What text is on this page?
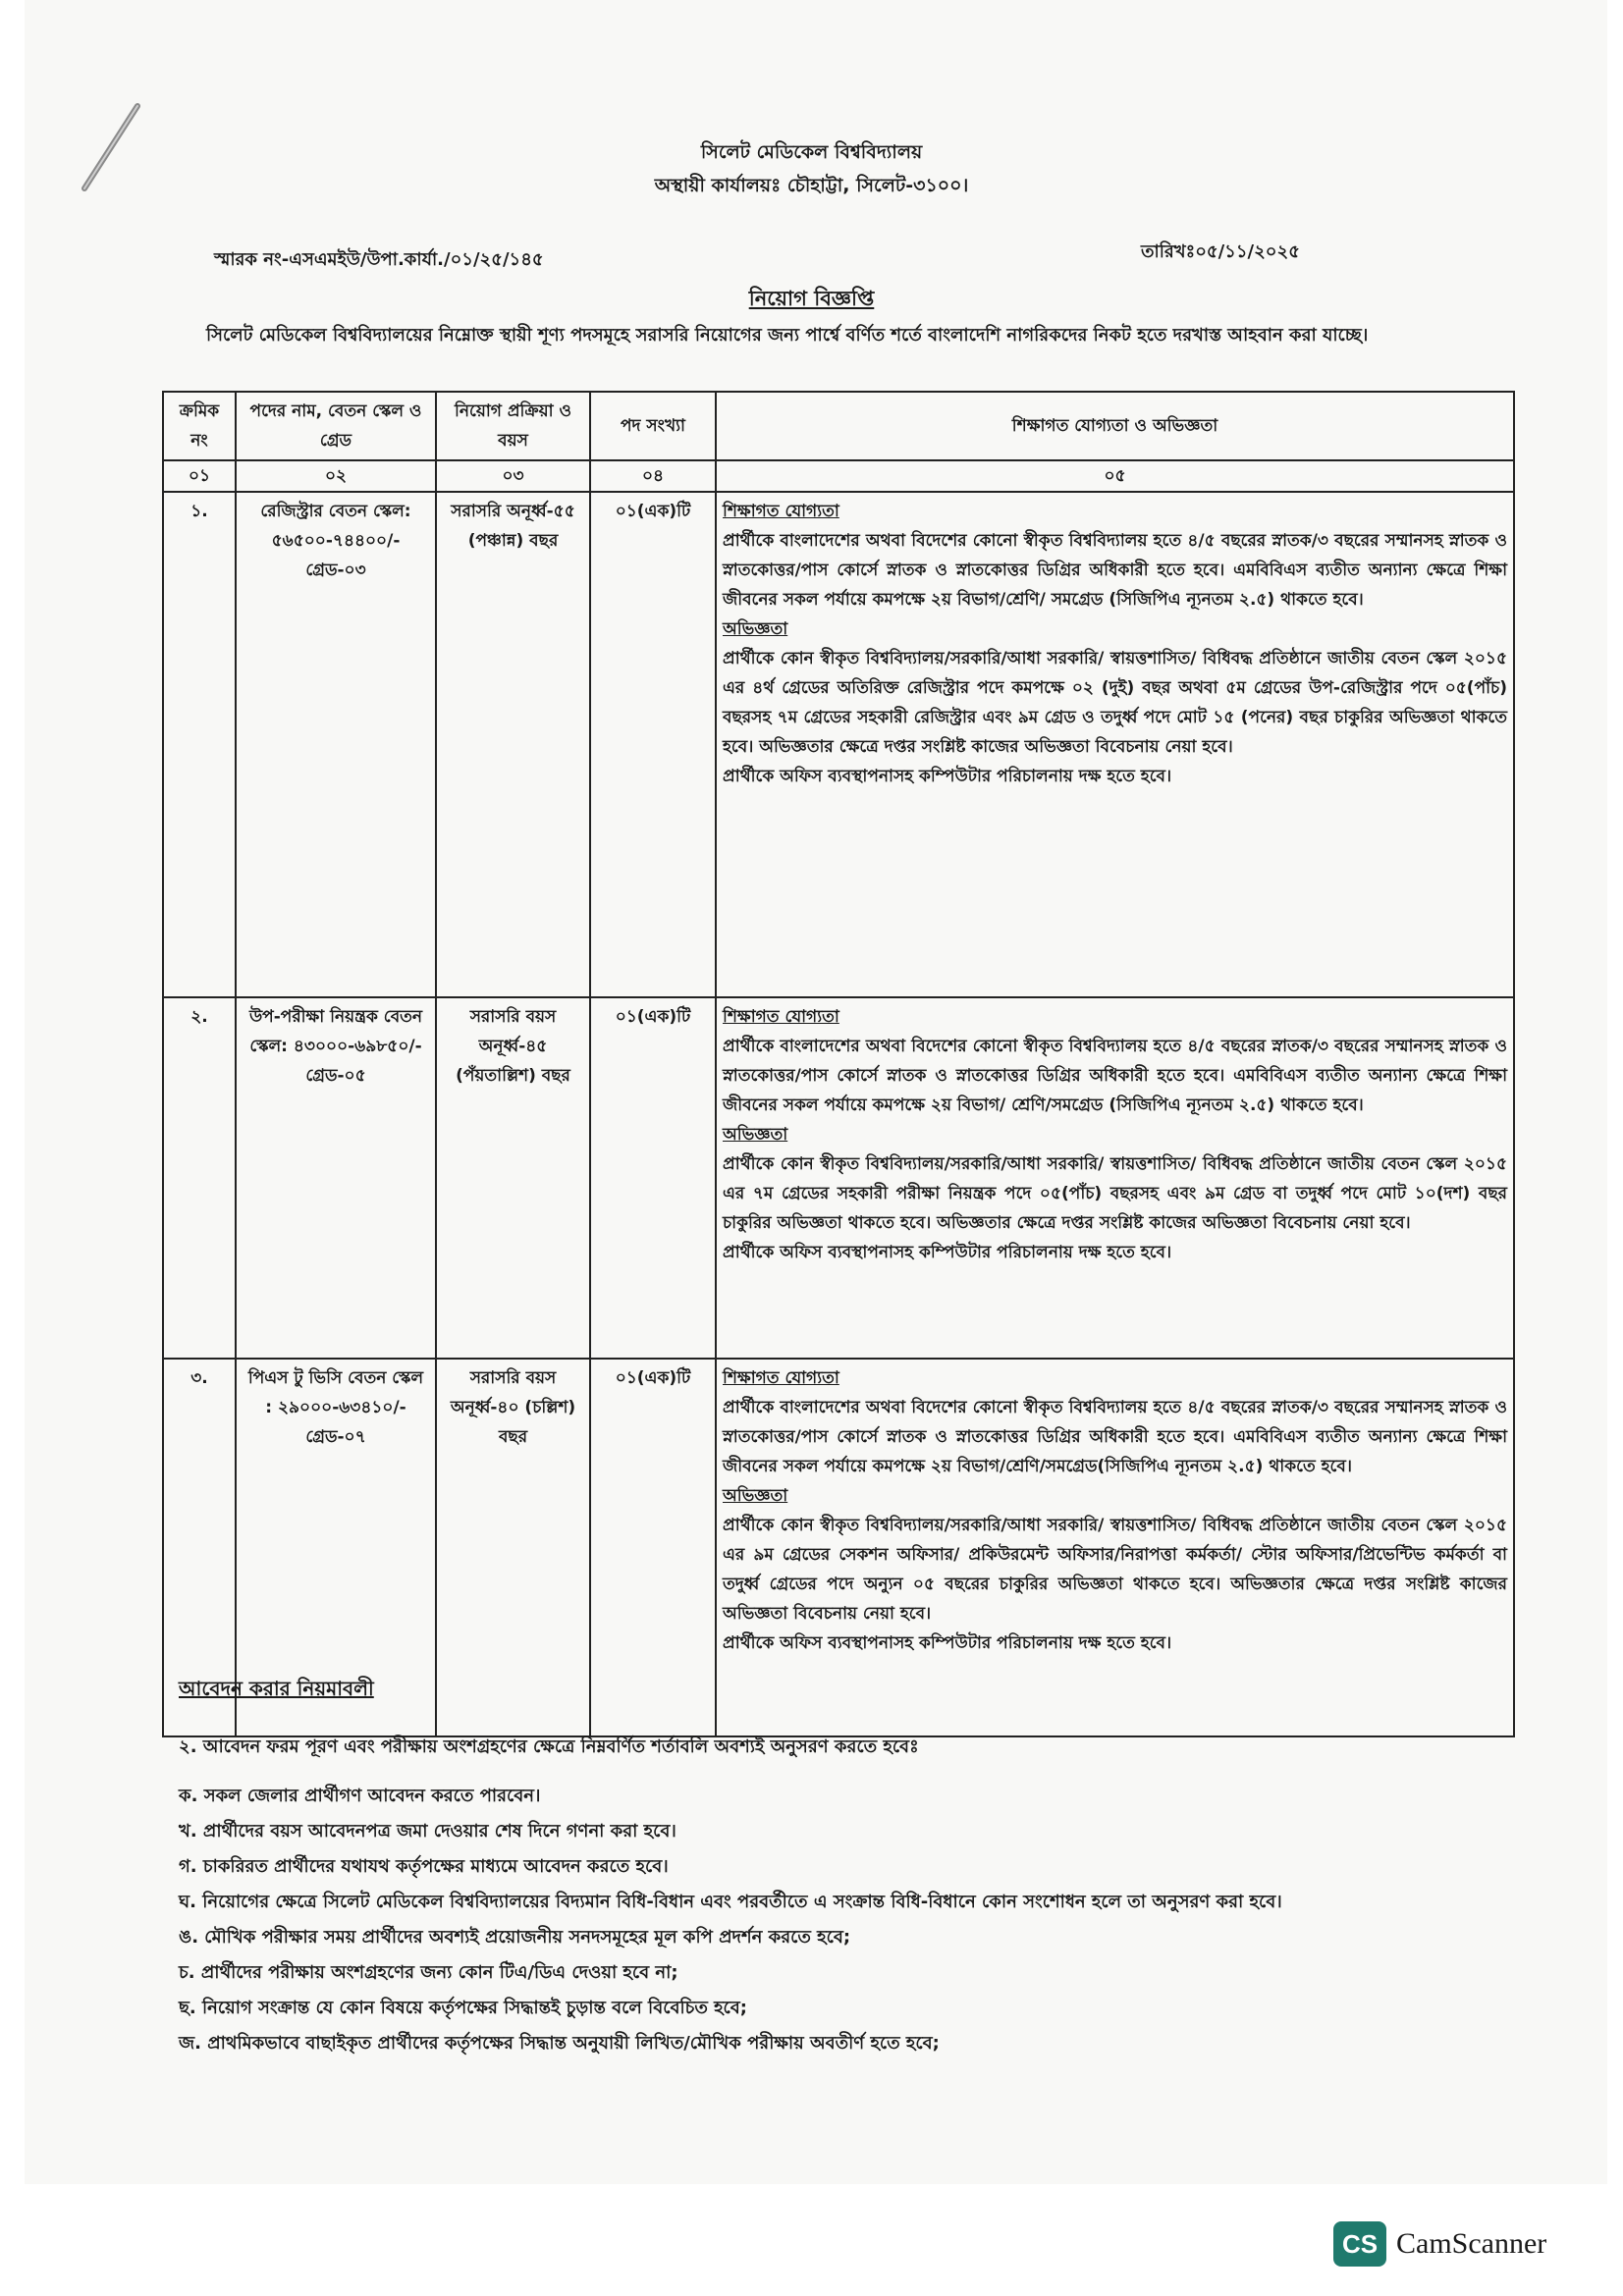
সিলেট মেডিকেল বিশ্ববিদ্যালয়
অস্থায়ী কার্যালয়ঃ চৌহাট্টা, সিলেট-৩১০০।
স্মারক নং-এসএমইউ/উপা.কার্যা./০১/২৫/১৪৫	তারিখঃ০৫/১১/২০২৫
নিয়োগ বিজ্ঞপ্তি
সিলেট মেডিকেল বিশ্ববিদ্যালয়ের নিম্নোক্ত স্থায়ী শূণ্য পদসমূহে সরাসরি নিয়োগের জন্য পার্শ্বে বর্ণিত শর্তে বাংলাদেশি নাগরিকদের নিকট হতে দরখাস্ত আহবান করা যাচ্ছে।
ক্রমিক নং	পদের নাম, বেতন স্কেল ও গ্রেড	নিয়োগ প্রক্রিয়া ও বয়স	পদ সংখ্যা	শিক্ষাগত যোগ্যতা ও অভিজ্ঞতা
০১	০২	০৩	০৪	০৫
১.	রেজিস্ট্রার বেতন স্কেল: ৫৬৫০০-৭৪৪০০/- গ্রেড-০৩	সরাসরি অনূর্ধ্ব-৫৫ (পঞ্চান্ন) বছর	০১(এক)টি	শিক্ষাগত যোগ্যতা
প্রার্থীকে বাংলাদেশের অথবা বিদেশের কোনো স্বীকৃত বিশ্ববিদ্যালয় হতে ৪/৫ বছরের স্নাতক/৩ বছরের সম্মানসহ স্নাতক ও স্নাতকোত্তর/পাস কোর্সে স্নাতক ও স্নাতকোত্তর ডিগ্রির অধিকারী হতে হবে। এমবিবিএস ব্যতীত অন্যান্য ক্ষেত্রে শিক্ষা জীবনের সকল পর্যায়ে কমপক্ষে ২য় বিভাগ/শ্রেণি/ সমগ্রেড (সিজিপিএ ন্যূনতম ২.৫) থাকতে হবে।
অভিজ্ঞতা
প্রার্থীকে কোন স্বীকৃত বিশ্ববিদ্যালয়/সরকারি/আধা সরকারি/ স্বায়ত্তশাসিত/ বিধিবদ্ধ প্রতিষ্ঠানে জাতীয় বেতন স্কেল ২০১৫ এর ৪র্থ গ্রেডের অতিরিক্ত রেজিস্ট্রার পদে কমপক্ষে ০২ (দুই) বছর অথবা ৫ম গ্রেডের উপ-রেজিস্ট্রার পদে ০৫(পাঁচ) বছরসহ ৭ম গ্রেডের সহকারী রেজিস্ট্রার এবং ৯ম গ্রেড ও তদুর্ধ্ব পদে মোট ১৫ (পনের) বছর চাকুরির অভিজ্ঞতা থাকতে হবে। অভিজ্ঞতার ক্ষেত্রে দপ্তর সংশ্লিষ্ট কাজের অভিজ্ঞতা বিবেচনায় নেয়া হবে।
প্রার্থীকে অফিস ব্যবস্থাপনাসহ কম্পিউটার পরিচালনায় দক্ষ হতে হবে।

২.	উপ-পরীক্ষা নিয়ন্ত্রক বেতন স্কেল: ৪৩০০০-৬৯৮৫০/- গ্রেড-০৫	সরাসরি বয়স অনূর্ধ্ব-৪৫ (পঁয়তাল্লিশ) বছর	০১(এক)টি	শিক্ষাগত যোগ্যতা
প্রার্থীকে বাংলাদেশের অথবা বিদেশের কোনো স্বীকৃত বিশ্ববিদ্যালয় হতে ৪/৫ বছরের স্নাতক/৩ বছরের সম্মানসহ স্নাতক ও স্নাতকোত্তর/পাস কোর্সে স্নাতক ও স্নাতকোত্তর ডিগ্রির অধিকারী হতে হবে। এমবিবিএস ব্যতীত অন্যান্য ক্ষেত্রে শিক্ষা জীবনের সকল পর্যায়ে কমপক্ষে ২য় বিভাগ/ শ্রেণি/সমগ্রেড (সিজিপিএ ন্যূনতম ২.৫) থাকতে হবে।
অভিজ্ঞতা
প্রার্থীকে কোন স্বীকৃত বিশ্ববিদ্যালয়/সরকারি/আধা সরকারি/ স্বায়ত্তশাসিত/ বিধিবদ্ধ প্রতিষ্ঠানে জাতীয় বেতন স্কেল ২০১৫ এর ৭ম গ্রেডের সহকারী পরীক্ষা নিয়ন্ত্রক পদে ০৫(পাঁচ) বছরসহ এবং ৯ম গ্রেড বা তদুর্ধ্ব পদে মোট ১০(দশ) বছর চাকুরির অভিজ্ঞতা থাকতে হবে। অভিজ্ঞতার ক্ষেত্রে দপ্তর সংশ্লিষ্ট কাজের অভিজ্ঞতা বিবেচনায় নেয়া হবে।
প্রার্থীকে অফিস ব্যবস্থাপনাসহ কম্পিউটার পরিচালনায় দক্ষ হতে হবে।

৩.	পিএস টু ভিসি বেতন স্কেল : ২৯০০০-৬৩৪১০/- গ্রেড-০৭	সরাসরি বয়স অনূর্ধ্ব-৪০ (চল্লিশ) বছর	০১(এক)টি	শিক্ষাগত যোগ্যতা
প্রার্থীকে বাংলাদেশের অথবা বিদেশের কোনো স্বীকৃত বিশ্ববিদ্যালয় হতে ৪/৫ বছরের স্নাতক/৩ বছরের সম্মানসহ স্নাতক ও স্নাতকোত্তর/পাস কোর্সে স্নাতক ও স্নাতকোত্তর ডিগ্রির অধিকারী হতে হবে। এমবিবিএস ব্যতীত অন্যান্য ক্ষেত্রে শিক্ষা জীবনের সকল পর্যায়ে কমপক্ষে ২য় বিভাগ/শ্রেণি/সমগ্রেড(সিজিপিএ ন্যূনতম ২.৫) থাকতে হবে।
অভিজ্ঞতা
প্রার্থীকে কোন স্বীকৃত বিশ্ববিদ্যালয়/সরকারি/আধা সরকারি/ স্বায়ত্তশাসিত/ বিধিবদ্ধ প্রতিষ্ঠানে জাতীয় বেতন স্কেল ২০১৫ এর ৯ম গ্রেডের সেকশন অফিসার/ প্রকিউরমেন্ট অফিসার/নিরাপত্তা কর্মকর্তা/ স্টোর অফিসার/প্রিভেন্টিভ কর্মকর্তা বা তদুর্ধ্ব গ্রেডের পদে অন্যুন ০৫ বছরের চাকুরির অভিজ্ঞতা থাকতে হবে। অভিজ্ঞতার ক্ষেত্রে দপ্তর সংশ্লিষ্ট কাজের অভিজ্ঞতা বিবেচনায় নেয়া হবে।
প্রার্থীকে অফিস ব্যবস্থাপনাসহ কম্পিউটার পরিচালনায় দক্ষ হতে হবে।
আবেদন করার নিয়মাবলী
২. আবেদন ফরম পূরণ এবং পরীক্ষায় অংশগ্রহণের ক্ষেত্রে নিম্নবর্ণিত শর্তাবলি অবশ্যই অনুসরণ করতে হবেঃ
ক. সকল জেলার প্রার্থীগণ আবেদন করতে পারবেন।
খ. প্রার্থীদের বয়স আবেদনপত্র জমা দেওয়ার শেষ দিনে গণনা করা হবে।
গ. চাকরিরত প্রার্থীদের যথাযথ কর্তৃপক্ষের মাধ্যমে আবেদন করতে হবে।
ঘ. নিয়োগের ক্ষেত্রে সিলেট মেডিকেল বিশ্ববিদ্যালয়ের বিদ্যমান বিধি-বিধান এবং পরবর্তীতে এ সংক্রান্ত বিধি-বিধানে কোন সংশোধন হলে তা অনুসরণ করা হবে।
ঙ. মৌখিক পরীক্ষার সময় প্রার্থীদের অবশ্যই প্রয়োজনীয় সনদসমূহের মূল কপি প্রদর্শন করতে হবে;
চ. প্রার্থীদের পরীক্ষায় অংশগ্রহণের জন্য কোন টিএ/ডিএ দেওয়া হবে না;
ছ. নিয়োগ সংক্রান্ত যে কোন বিষয়ে কর্তৃপক্ষের সিদ্ধান্তই চুড়ান্ত বলে বিবেচিত হবে;
জ. প্রাথমিকভাবে বাছাইকৃত প্রার্থীদের কর্তৃপক্ষের সিদ্ধান্ত অনুযায়ী লিখিত/মৌখিক পরীক্ষায় অবতীর্ণ হতে হবে;
CS CamScanner
